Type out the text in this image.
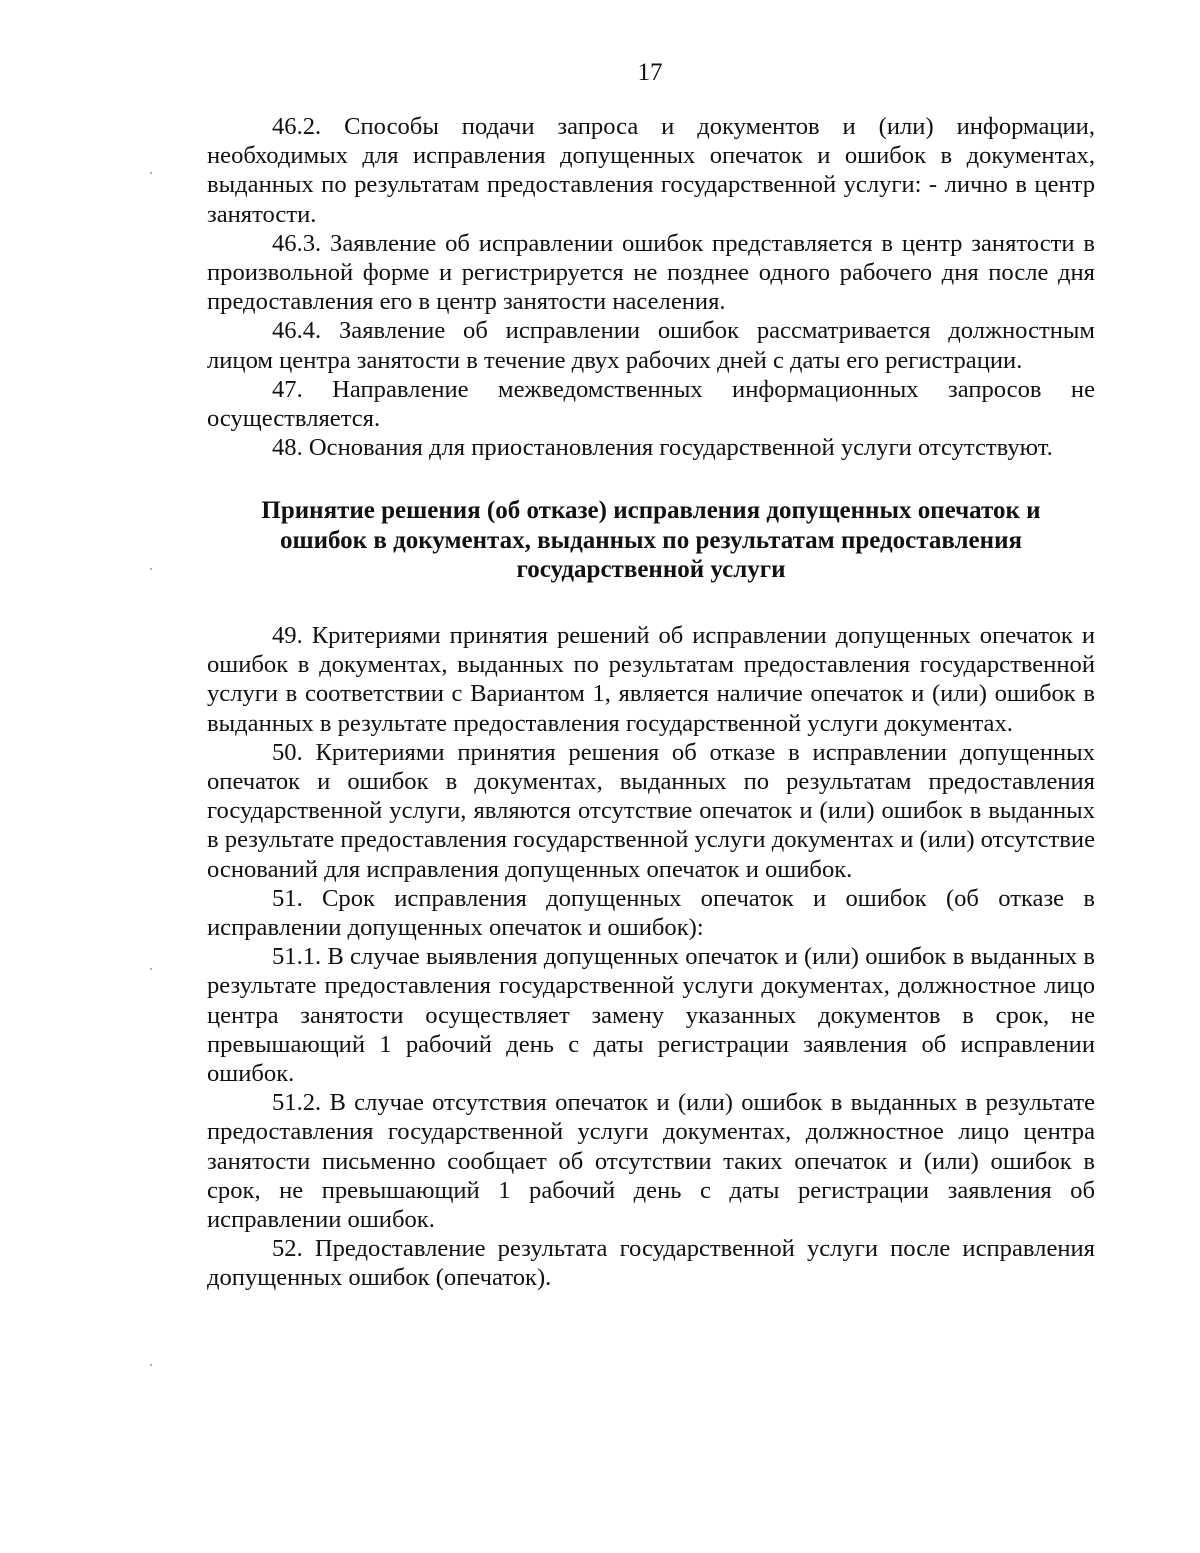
17

46.2. Способы подачи запроса и документов и (или) информации, необходимых для исправления допущенных опечаток и ошибок в документах, выданных по результатам предоставления государственной услуги: - лично в центр занятости.

46.3. Заявление об исправлении ошибок представляется в центр занятости в произвольной форме и регистрируется не позднее одного рабочего дня после дня предоставления его в центр занятости населения.

46.4. Заявление об исправлении ошибок рассматривается должностным лицом центра занятости в течение двух рабочих дней с даты его регистрации.

47. Направление межведомственных информационных запросов не осуществляется.

48. Основания для приостановления государственной услуги отсутствуют.

Принятие решения (об отказе) исправления допущенных опечаток и ошибок в документах, выданных по результатам предоставления государственной услуги

49. Критериями принятия решений об исправлении допущенных опечаток и ошибок в документах, выданных по результатам предоставления государственной услуги в соответствии с Вариантом 1, является наличие опечаток и (или) ошибок в выданных в результате предоставления государственной услуги документах.

50. Критериями принятия решения об отказе в исправлении допущенных опечаток и ошибок в документах, выданных по результатам предоставления государственной услуги, являются отсутствие опечаток и (или) ошибок в выданных в результате предоставления государственной услуги документах и (или) отсутствие оснований для исправления допущенных опечаток и ошибок.

51. Срок исправления допущенных опечаток и ошибок (об отказе в исправлении допущенных опечаток и ошибок):

51.1. В случае выявления допущенных опечаток и (или) ошибок в выданных в результате предоставления государственной услуги документах, должностное лицо центра занятости осуществляет замену указанных документов в срок, не превышающий 1 рабочий день с даты регистрации заявления об исправлении ошибок.

51.2. В случае отсутствия опечаток и (или) ошибок в выданных в результате предоставления государственной услуги документах, должностное лицо центра занятости письменно сообщает об отсутствии таких опечаток и (или) ошибок в срок, не превышающий 1 рабочий день с даты регистрации заявления об исправлении ошибок.

52. Предоставление результата государственной услуги после исправления допущенных ошибок (опечаток).
